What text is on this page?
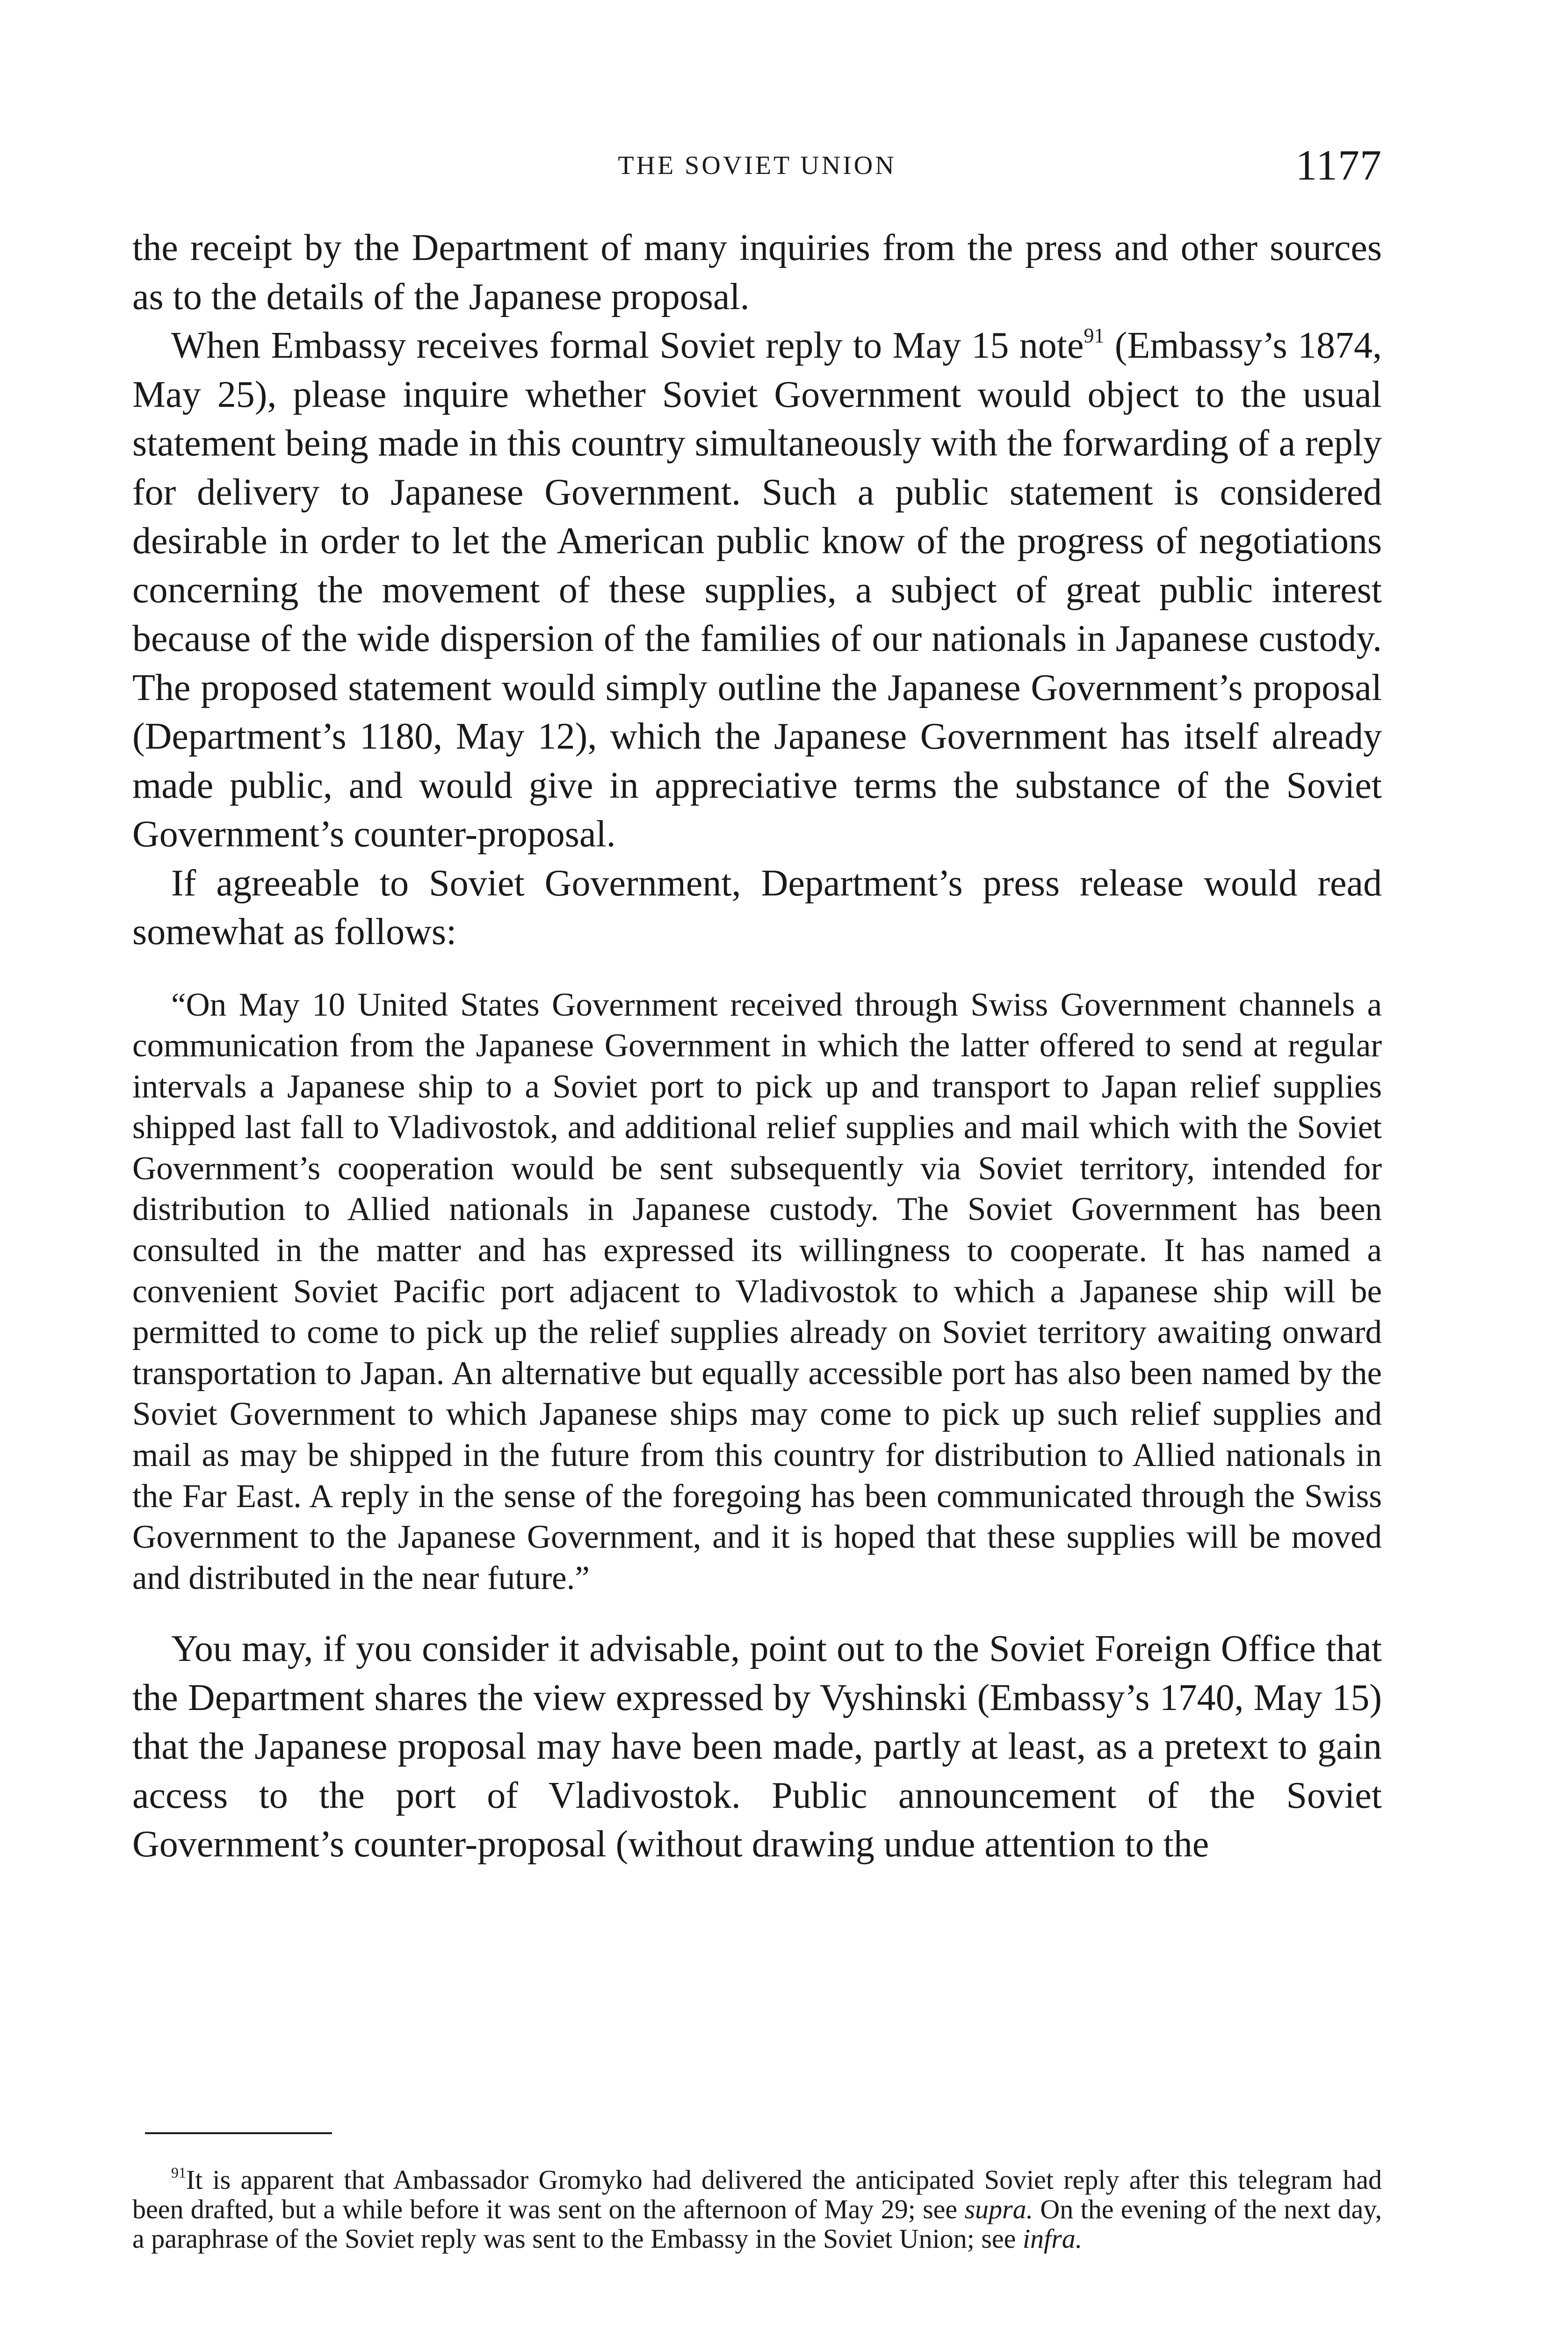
THE SOVIET UNION	1177

the receipt by the Department of many inquiries from the press and other sources as to the details of the Japanese proposal.

When Embassy receives formal Soviet reply to May 15 note$^{91}$ (Embassy’s 1874, May 25), please inquire whether Soviet Government would object to the usual statement being made in this country simultaneously with the forwarding of a reply for delivery to Japanese Government. Such a public statement is considered desirable in order to let the American public know of the progress of negotiations concerning the movement of these supplies, a subject of great public interest because of the wide dispersion of the families of our nationals in Japanese custody. The proposed statement would simply outline the Japanese Government’s proposal (Department’s 1180, May 12), which the Japanese Government has itself already made public, and would give in appreciative terms the substance of the Soviet Government’s counter-proposal.

If agreeable to Soviet Government, Department’s press release would read somewhat as follows:

“On May 10 United States Government received through Swiss Government channels a communication from the Japanese Government in which the latter offered to send at regular intervals a Japanese ship to a Soviet port to pick up and transport to Japan relief supplies shipped last fall to Vladivostok, and additional relief supplies and mail which with the Soviet Government’s cooperation would be sent subsequently via Soviet territory, intended for distribution to Allied nationals in Japanese custody. The Soviet Government has been consulted in the matter and has expressed its willingness to cooperate. It has named a convenient Soviet Pacific port adjacent to Vladivostok to which a Japanese ship will be permitted to come to pick up the relief supplies already on Soviet territory awaiting onward transportation to Japan. An alternative but equally accessible port has also been named by the Soviet Government to which Japanese ships may come to pick up such relief supplies and mail as may be shipped in the future from this country for distribution to Allied nationals in the Far East. A reply in the sense of the foregoing has been communicated through the Swiss Government to the Japanese Government, and it is hoped that these supplies will be moved and distributed in the near future.”

You may, if you consider it advisable, point out to the Soviet Foreign Office that the Department shares the view expressed by Vyshinski (Embassy’s 1740, May 15) that the Japanese proposal may have been made, partly at least, as a pretext to gain access to the port of Vladivostok. Public announcement of the Soviet Government’s counter-proposal (without drawing undue attention to the

$^{91}$It is apparent that Ambassador Gromyko had delivered the anticipated Soviet reply after this telegram had been drafted, but a while before it was sent on the afternoon of May 29; see supra. On the evening of the next day, a paraphrase of the Soviet reply was sent to the Embassy in the Soviet Union; see infra.
